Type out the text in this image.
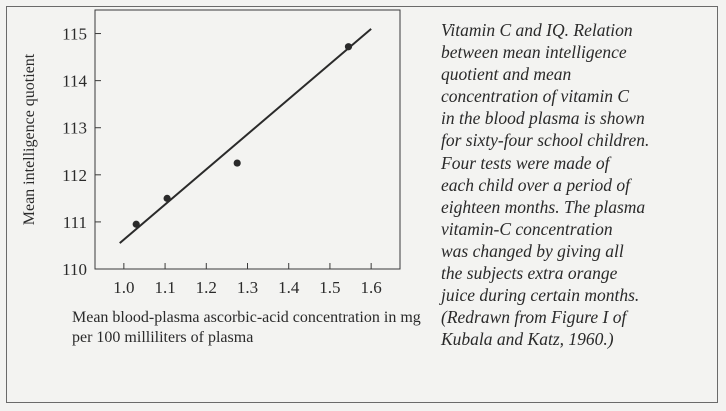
110
111
112
113
114
115
1.0 1.1 1.2 1.3 1.4 1.5 1.6
Mean intelligence quotient
Mean blood-plasma ascorbic-acid concentration in mg per 100 milliliters of plasma
Vitamin C and IQ. Relation
between mean intelligence
quotient and mean
concentration of vitamin C
in the blood plasma is shown
for sixty-four school children.
Four tests were made of
each child over a period of
eighteen months. The plasma
vitamin-C concentration
was changed by giving all
the subjects extra orange
juice during certain months.
(Redrawn from Figure I of
Kubala and Katz, 1960.)
